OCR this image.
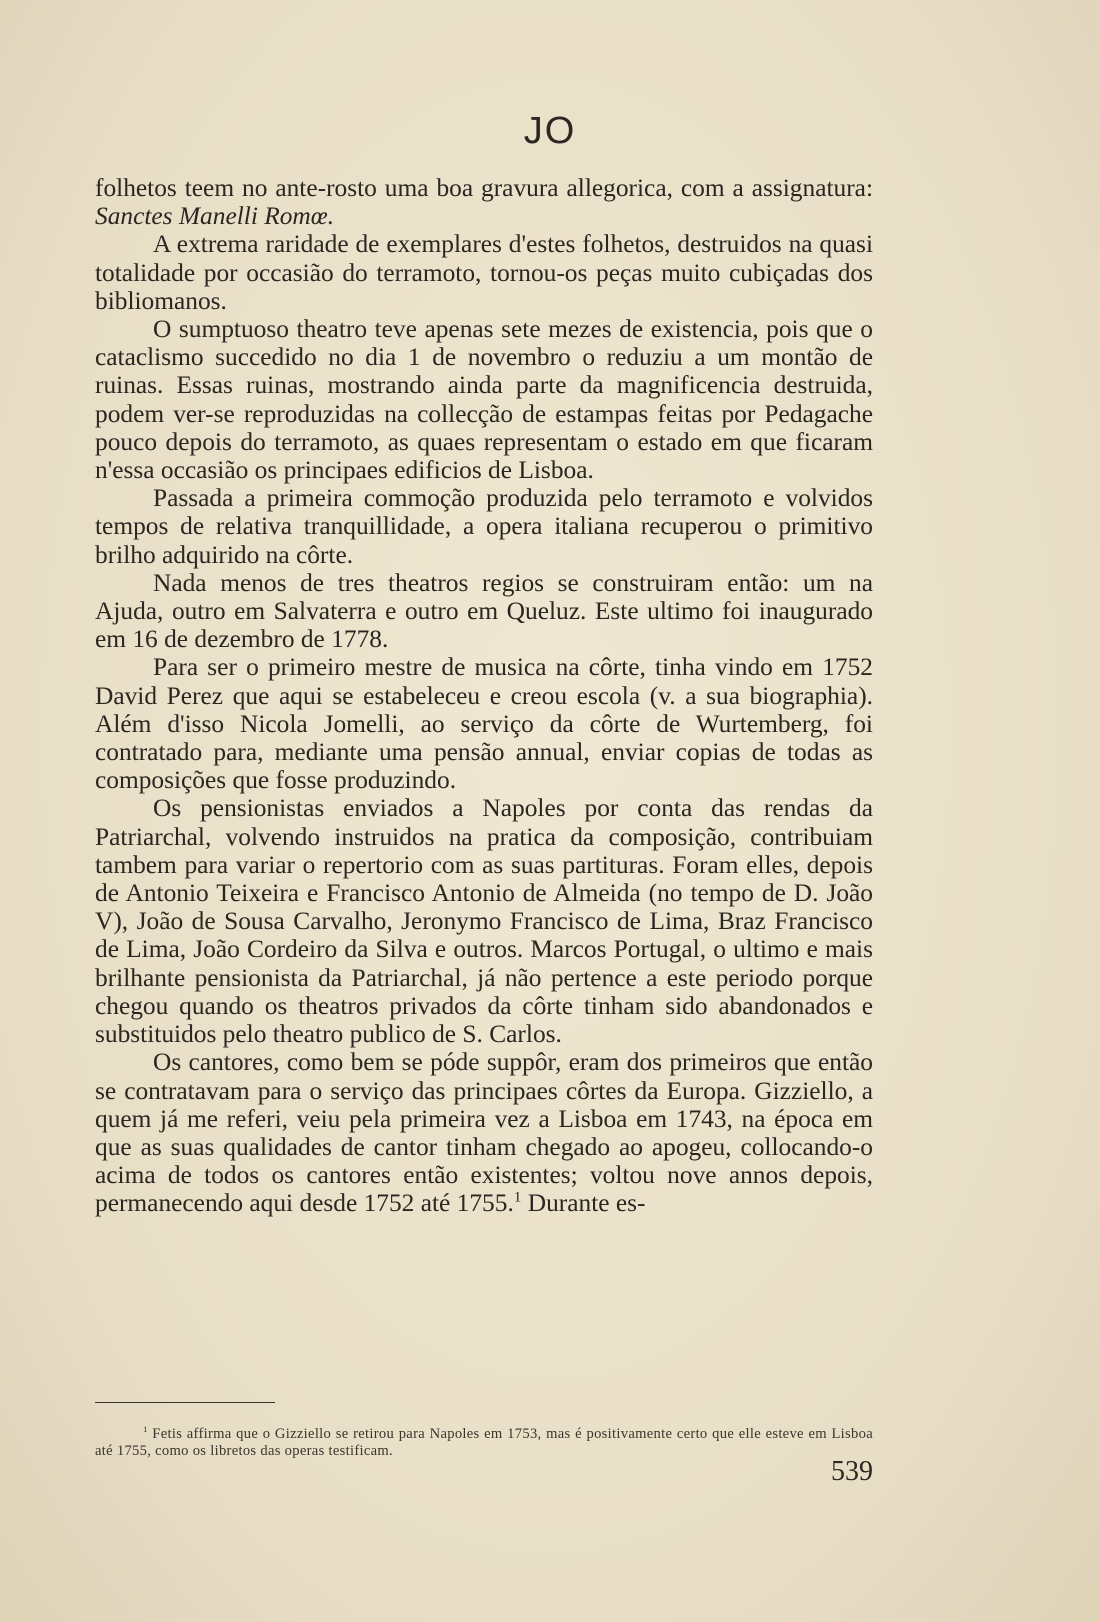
JO

folhetos teem no ante-rosto uma boa gravura allegorica, com a assignatura: Sanctes Manelli Romœ.

A extrema raridade de exemplares d'estes folhetos, destruidos na quasi totalidade por occasião do terramoto, tornou-os peças muito cubiçadas dos bibliomanos.

O sumptuoso theatro teve apenas sete mezes de existencia, pois que o cataclismo succedido no dia 1 de novembro o reduziu a um montão de ruinas. Essas ruinas, mostrando ainda parte da magnificencia destruida, podem ver-se reproduzidas na collecção de estampas feitas por Pedagache pouco depois do terramoto, as quaes representam o estado em que ficaram n'essa occasião os principaes edificios de Lisboa.

Passada a primeira commoção produzida pelo terramoto e volvidos tempos de relativa tranquillidade, a opera italiana recuperou o primitivo brilho adquirido na côrte.

Nada menos de tres theatros regios se construiram então: um na Ajuda, outro em Salvaterra e outro em Queluz. Este ultimo foi inaugurado em 16 de dezembro de 1778.

Para ser o primeiro mestre de musica na côrte, tinha vindo em 1752 David Perez que aqui se estabeleceu e creou escola (v. a sua biographia). Além d'isso Nicola Jomelli, ao serviço da côrte de Wurtemberg, foi contratado para, mediante uma pensão annual, enviar copias de todas as composições que fosse produzindo.

Os pensionistas enviados a Napoles por conta das rendas da Patriarchal, volvendo instruidos na pratica da composição, contribuiam tambem para variar o repertorio com as suas partituras. Foram elles, depois de Antonio Teixeira e Francisco Antonio de Almeida (no tempo de D. João V), João de Sousa Carvalho, Jeronymo Francisco de Lima, Braz Francisco de Lima, João Cordeiro da Silva e outros. Marcos Portugal, o ultimo e mais brilhante pensionista da Patriarchal, já não pertence a este periodo porque chegou quando os theatros privados da côrte tinham sido abandonados e substituidos pelo theatro publico de S. Carlos.

Os cantores, como bem se póde suppôr, eram dos primeiros que então se contratavam para o serviço das principaes côrtes da Europa. Gizziello, a quem já me referi, veiu pela primeira vez a Lisboa em 1743, na época em que as suas qualidades de cantor tinham chegado ao apogeu, collocando-o acima de todos os cantores então existentes; voltou nove annos depois, permanecendo aqui desde 1752 até 1755.$^1$ Durante es-

$^1$ Fetis affirma que o Gizziello se retirou para Napoles em 1753, mas é positivamente certo que elle esteve em Lisboa até 1755, como os libretos das operas testificam.
539
